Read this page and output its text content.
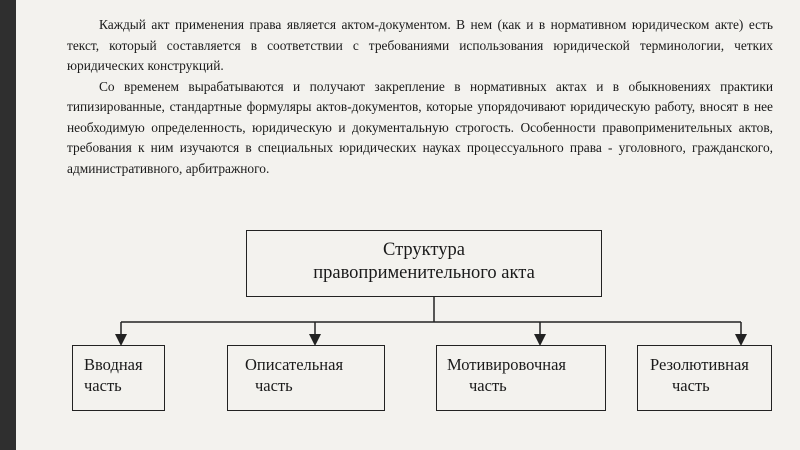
Каждый акт применения права является актом-документом. В нем (как и в нормативном юридическом акте) есть текст, который составляется в соответствии с требованиями использования юридической терминологии, четких юридических конструкций.

Со временем вырабатываются и получают закрепление в нормативных актах и в обыкновениях практики типизированные, стандартные формуляры актов-документов, которые упорядочивают юридическую работу, вносят в нее необходимую определенность, юридическую и документальную строгость. Особенности правоприменительных актов, требования к ним изучаются в специальных юридических науках процессуального права - уголовного, гражданского, административного, арбитражного.

Структура
правоприменительного акта
Вводная
часть
Описательная
часть
Мотивировочная
часть
Резолютивная
часть
